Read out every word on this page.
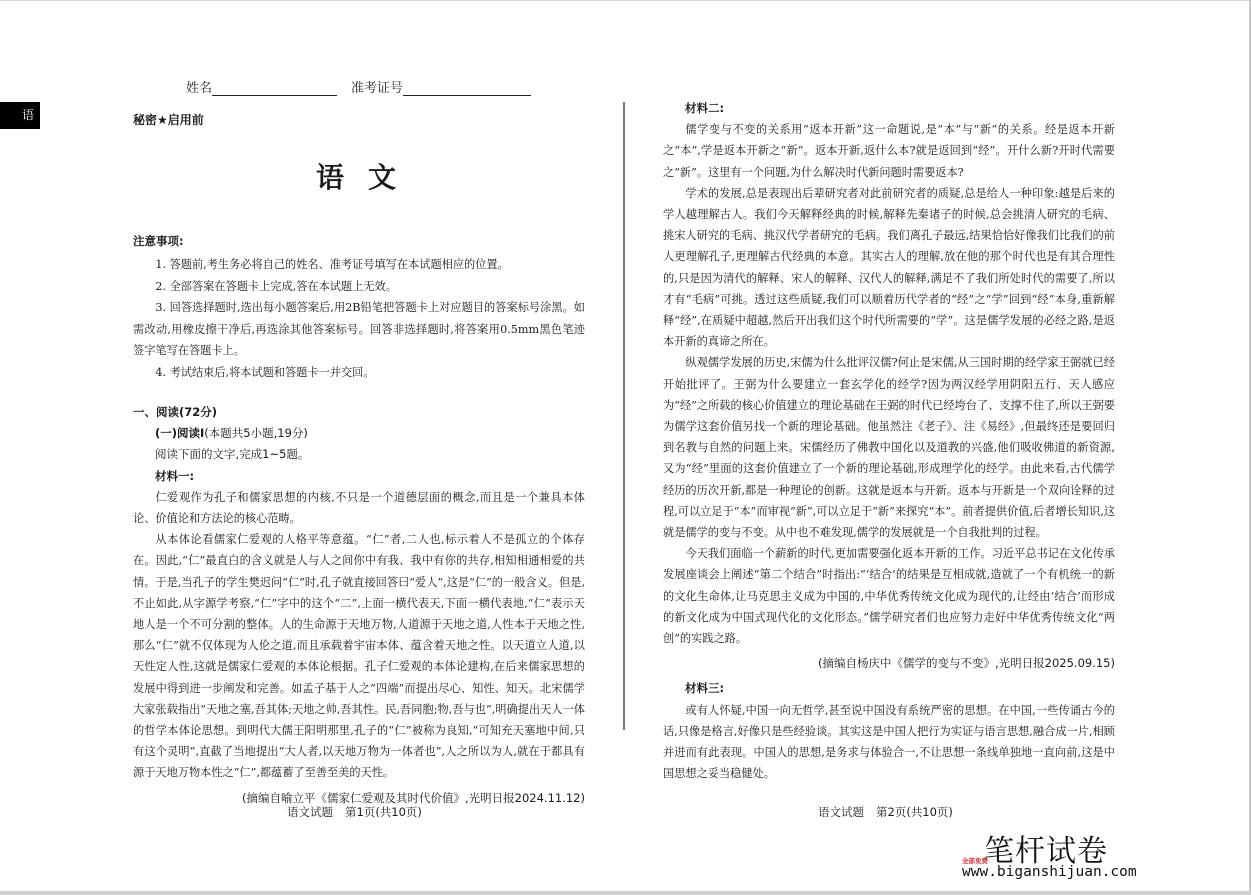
语
姓名	准考证号
秘密★启用前
语文
注意事项:

1. 答题前,考生务必将自己的姓名、准考证号填写在本试题相应的位置。

2. 全部答案在答题卡上完成,答在本试题上无效。

3. 回答选择题时,选出每小题答案后,用2B铅笔把答题卡上对应题目的答案标号涂黑。如需改动,用橡皮擦干净后,再选涂其他答案标号。回答非选择题时,将答案用0.5mm黑色笔迹签字笔写在答题卡上。

4. 考试结束后,将本试题和答题卡一并交回。

一、阅读(72分)

(一)阅读Ⅰ(本题共5小题,19分)

阅读下面的文字,完成1~5题。

材料一:

仁爱观作为孔子和儒家思想的内核,不只是一个道德层面的概念,而且是一个兼具本体论、价值论和方法论的核心范畴。

从本体论看儒家仁爱观的人格平等意蕴。“仁”者,二人也,标示着人不是孤立的个体存在。因此,“仁”最直白的含义就是人与人之间你中有我、我中有你的共存,相知相通相爱的共情。于是,当孔子的学生樊迟问“仁”时,孔子就直接回答曰“爱人”,这是“仁”的一般含义。但是,不止如此,从字源学考察,“仁”字中的这个“二”,上面一横代表天,下面一横代表地,“仁”表示天地人是一个不可分割的整体。人的生命源于天地万物,人道源于天地之道,人性本于天地之性,那么“仁”就不仅体现为人伦之道,而且承载着宇宙本体、蕴含着天地之性。以天道立人道,以天性定人性,这就是儒家仁爱观的本体论根据。孔子仁爱观的本体论建构,在后来儒家思想的发展中得到进一步阐发和完善。如孟子基于人之“四端”而提出尽心、知性、知天。北宋儒学大家张载指出“天地之塞,吾其体;天地之帅,吾其性。民,吾同胞;物,吾与也”,明确提出天人一体的哲学本体论思想。到明代大儒王阳明那里,孔子的“仁”被称为良知,“可知充天塞地中间,只有这个灵明”,直截了当地提出“大人者,以天地万物为一体者也”,人之所以为人,就在于都具有源于天地万物本性之“仁”,都蕴蓄了至善至美的天性。

(摘编自喻立平《儒家仁爱观及其时代价值》,光明日报2024.11.12)

材料二:

儒学变与不变的关系用“返本开新”这一命题说,是“本”与“新”的关系。经是返本开新之“本”,学是返本开新之“新”。返本开新,返什么本?就是返回到“经”。开什么新?开时代需要之“新”。这里有一个问题,为什么解决时代新问题时需要返本?

学术的发展,总是表现出后辈研究者对此前研究者的质疑,总是给人一种印象:越是后来的学人越理解古人。我们今天解释经典的时候,解释先秦诸子的时候,总会挑清人研究的毛病、挑宋人研究的毛病、挑汉代学者研究的毛病。我们离孔子最远,结果恰恰好像我们比我们的前人更理解孔子,更理解古代经典的本意。其实古人的理解,放在他的那个时代也是有其合理性的,只是因为清代的解释、宋人的解释、汉代人的解释,满足不了我们所处时代的需要了,所以才有“毛病”可挑。透过这些质疑,我们可以顺着历代学者的“经”之“学”回到“经”本身,重新解释“经”,在质疑中超越,然后开出我们这个时代所需要的“学”。这是儒学发展的必经之路,是返本开新的真谛之所在。

纵观儒学发展的历史,宋儒为什么批评汉儒?何止是宋儒,从三国时期的经学家王弼就已经开始批评了。王弼为什么要建立一套玄学化的经学?因为两汉经学用阴阳五行、天人感应为“经”之所载的核心价值建立的理论基础在王弼的时代已经垮台了、支撑不住了,所以王弼要为儒学这套价值另找一个新的理论基础。他虽然注《老子》、注《易经》,但最终还是要回归到名教与自然的问题上来。宋儒经历了佛教中国化以及道教的兴盛,他们吸收佛道的新资源,又为“经”里面的这套价值建立了一个新的理论基础,形成理学化的经学。由此来看,古代儒学经历的历次开新,都是一种理论的创新。这就是返本与开新。返本与开新是一个双向诠释的过程,可以立足于“本”而审视“新”,可以立足于“新”来探究“本”。前者提供价值,后者增长知识,这就是儒学的变与不变。从中也不难发现,儒学的发展就是一个自我批判的过程。

今天我们面临一个薪新的时代,更加需要强化返本开新的工作。习近平总书记在文化传承发展座谈会上阐述“第二个结合”时指出:“‘结合’的结果是互相成就,造就了一个有机统一的新的文化生命体,让马克思主义成为中国的,中华优秀传统文化成为现代的,让经由‘结合’而形成的新文化成为中国式现代化的文化形态。”儒学研究者们也应努力走好中华优秀传统文化“两创”的实践之路。

(摘编自杨庆中《儒学的变与不变》,光明日报2025.09.15)

材料三:

或有人怀疑,中国一向无哲学,甚至说中国没有系统严密的思想。在中国,一些传诵古今的话,只像是格言,好像只是些经验谈。其实这是中国人把行为实证与语言思想,融合成一片,相顾并进而有此表现。中国人的思想,是务求与体验合一,不让思想一条线单独地一直向前,这是中国思想之妥当稳健处。

语文试题 第1页(共10页)	语文试题 第2页(共10页)
笔杆试卷
全部免费
www.biganshijuan.com
